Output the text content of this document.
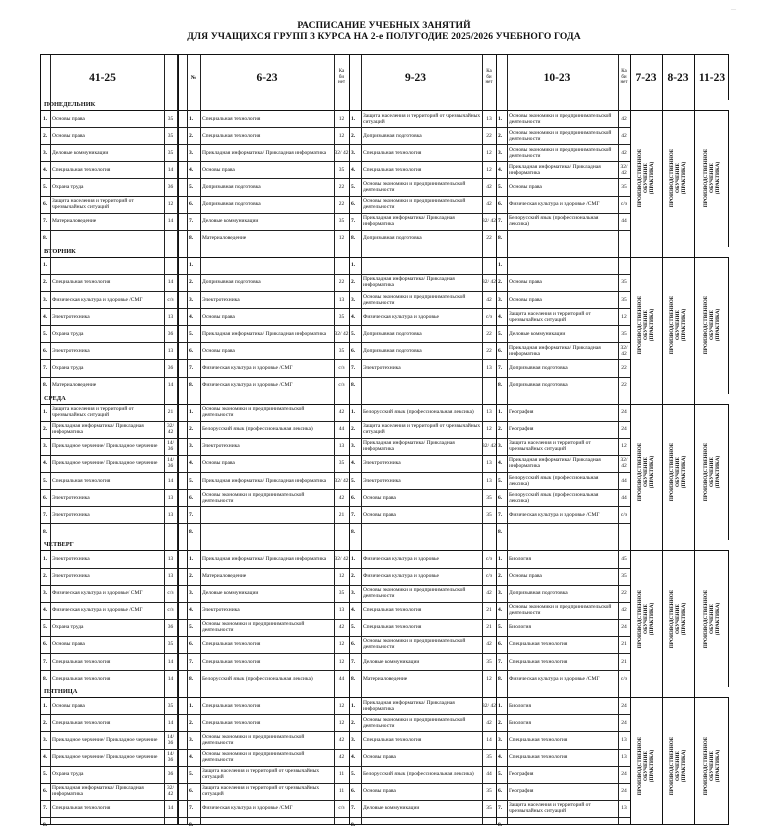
—
РАСПИСАНИЕ УЧЕБНЫХ ЗАНЯТИЙ
ДЛЯ УЧАЩИХСЯ ГРУПП 3 КУРСА НА 2-е ПОЛУГОДИЕ 2025/2026 УЧЕБНОГО ГОДА
41-25	№	6-23	Ка
би
нет	9-23	Ка
би
нет	10-23	Ка
би
нет 7-23 8-23 11-23
ПОНЕДЕЛЬНИК
1. Основы права	35	1.	Специальная технология	12	1.	Защита населения и территорий от чрезвычайных ситуаций	13	1.	Основы экономики и предпринимательской деятельности	42
2. Основы права	35	2.	Специальная технология	12	2.	Допризывная подготовка	22	2.	Основы экономики и предпринимательской деятельности	42
3. Деловые коммуникации	35	3.	Прикладная информатика/ Прикладная информатика	32/ 42 3.	Специальная технология	12	3.	Основы экономики и предпринимательской деятельности	42
4. Специальная технология	14	4.	Основы права	35	4.	Специальная технология	12	4.	Прикладная информатика/ Прикладная информатика
32/ 42
5. Охрана труда	36	5.	Допризывная подготовка	22	5.	Основы экономики и предпринимательской деятельности	42	5.	Основы права	35
6. Защита населения и территорий от чрезвычайных ситуаций	12	6.	Допризывная подготовка	22	6.	Основы экономики и предпринимательской деятельности	42	6.	Физическая культура и здоровье /СМГ	с/з
7. Материаловедение	14	7.	Деловые коммуникации	35	7.	Прикладная информатика/ Прикладная информатика	32/ 42 7.	Белорусский язык (профессиональная лексика)	44
8.	8.	Материаловедение	12	8.	Допризывная подготовка	22	8.
ПРОИЗВОДСТВЕННОЕ ОБУЧЕНИЕ (ПРАКТИКА)	ПРОИЗВОДСТВЕННОЕ ОБУЧЕНИЕ (ПРАКТИКА)	ПРОИЗВОДСТВЕННОЕ ОБУЧЕНИЕ (ПРАКТИКА)
ВТОРНИК
1.	1.	1.	1.
2. Специальная технология	14	2.	Допризывная подготовка	22	2.	Прикладная информатика/ Прикладная информатика	32/ 42 2.	Основы права	35
3. Физическая культура и здоровье /СМГ	с/з	3.	Электротехника	13	3.	Основы экономики и предпринимательской деятельности	42	3.	Основы права	35
4. Электротехника	13	4.	Основы права	35	4.	Физическая культура и здоровье	с/з	4.	Защита населения и территорий от чрезвычайных ситуаций	12
5. Охрана труда	36	5.	Прикладная информатика/ Прикладная информатика	32/ 42 5.	Допризывная подготовка	22	5.	Деловые коммуникации	35
6. Электротехника	13	6.	Основы права	35	6.	Допризывная подготовка	22	6.	Прикладная информатика/ Прикладная информатика
32/ 42
7. Охрана труда	36	7.	Физическая культура и здоровье /СМГ	с/з	7.	Электротехника	13	7.	Допризывная подготовка	22
8. Материаловедение	14	8.	Физическая культура и здоровье /СМГ	с/з	8.	8.	Допризывная подготовка	22
ПРОИЗВОДСТВЕННОЕ ОБУЧЕНИЕ (ПРАКТИКА)	ПРОИЗВОДСТВЕННОЕ ОБУЧЕНИЕ (ПРАКТИКА)	ПРОИЗВОДСТВЕННОЕ ОБУЧЕНИЕ (ПРАКТИКА)
СРЕДА
1. Защита населения и территорий от чрезвычайных ситуаций	21	1.	Основы экономики и предпринимательской деятельности	42	1.	Белорусский язык (профессиональная лексика)	13	1.	География	24
2. Прикладная информатика/ Прикладная информатика
32/ 42	2.	Белорусский язык (профессиональная лексика)	44	2.	Защита населения и территорий от чрезвычайных ситуаций	12	2.	География	24
3. Прикладное черчение/ Прикладное черчение	14/ 36	3.	Электротехника	13	3.	Прикладная информатика/ Прикладная информатика	32/ 42 3.	Защита населения и территорий от чрезвычайных ситуаций	12
4. Прикладное черчение/ Прикладное черчение	14/ 36	4.	Основы права	35	4.	Электротехника	13	4.	Прикладная информатика/ Прикладная информатика
32/ 42
5. Специальная технология	14	5.	Прикладная информатика/ Прикладная информатика	32/ 42 5.	Электротехника	13	5.	Белорусский язык (профессиональная лексика)	44
6. Электротехника	13	6.	Основы экономики и предпринимательской деятельности	42	6.	Основы права	35	6.	Белорусский язык (профессиональная лексика)	44
7. Электротехника	13	7.	21	7.	Основы права	35	7.	Физическая культура и здоровье /СМГ	с/з
8.	8.	8.	8.
ПРОИЗВОДСТВЕННОЕ ОБУЧЕНИЕ (ПРАКТИКА)	ПРОИЗВОДСТВЕННОЕ ОБУЧЕНИЕ (ПРАКТИКА)	ПРОИЗВОДСТВЕННОЕ ОБУЧЕНИЕ (ПРАКТИКА)
ЧЕТВЕРГ
1. Электротехника	13	1.	Прикладная информатика/ Прикладная информатика	32/ 42 1.	Физическая культура и здоровье	с/з	1.	Биология	45
2. Электротехника	13	2.	Материаловедение	12	2.	Физическая культура и здоровье	с/з	2.	Основы права	35
3. Физическая культура и здоровье/ СМГ	с/з	3.	Деловые коммуникации	35	3.	Основы экономики и предпринимательской деятельности	42	3.	Допризывная подготовка	22
4. Физическая культура и здоровье /СМГ	с/з	4.	Электротехника	13	4.	Специальная технология	21	4.	Основы экономики и предпринимательской деятельности	42
5. Охрана труда	36	5.	Основы экономики и предпринимательской деятельности	42	5.	Специальная технология	21	5.	Биология	24
6. Основы права	35	6.	Специальная технология	12	6.	Основы экономики и предпринимательской деятельности	42	6.	Специальная технология	21
7. Специальная технология	14	7.	Специальная технология	12	7.	Деловые коммуникации	35	7.	Специальная технология	21
8. Специальная технология	14	8.	Белорусский язык (профессиональная лексика)	44	8.	Материаловедение	12	8.	Физическая культура и здоровье /СМГ	с/з
ПРОИЗВОДСТВЕННОЕ ОБУЧЕНИЕ (ПРАКТИКА)	ПРОИЗВОДСТВЕННОЕ ОБУЧЕНИЕ (ПРАКТИКА)	ПРОИЗВОДСТВЕННОЕ ОБУЧЕНИЕ (ПРАКТИКА)
ПЯТНИЦА
1. Основы права	35	1.	Специальная технология	12	1.	Прикладная информатика/ Прикладная информатика	32/ 42 1.	Биология	24
2. Специальная технология	14	2.	Специальная технология	12	2.	Основы экономики и предпринимательской деятельности	42	2.	Биология	24
3. Прикладное черчение/ Прикладное черчение	14/ 36	3.	Основы экономики и предпринимательской деятельности	42	3.	Специальная технология	14	3.	Специальная технология	13
4. Прикладное черчение/ Прикладное черчение	14/ 36	4.	Основы экономики и предпринимательской деятельности	42	4.	Основы права	35	4.	Специальная технология	13
5. Охрана труда	36	5.	Защита населения и территорий от чрезвычайных ситуаций	11	5.	Белорусский язык (профессиональная лексика)	44	5.	География	24
6. Прикладная информатика/ Прикладная информатика
32/ 42	6.	Защита населения и территорий от чрезвычайных ситуаций	11	6.	Основы права	35	6.	География	24
7. Специальная технология	14	7.	Физическая культура и здоровье /СМГ	с/з	7.	Деловые коммуникации	35	7.	Защита населения и территорий от чрезвычайных ситуаций	13
8.	8.	8.	8.
ПРОИЗВОДСТВЕННОЕ ОБУЧЕНИЕ (ПРАКТИКА)	ПРОИЗВОДСТВЕННОЕ ОБУЧЕНИЕ (ПРАКТИКА)	ПРОИЗВОДСТВЕННОЕ ОБУЧЕНИЕ (ПРАКТИКА)
